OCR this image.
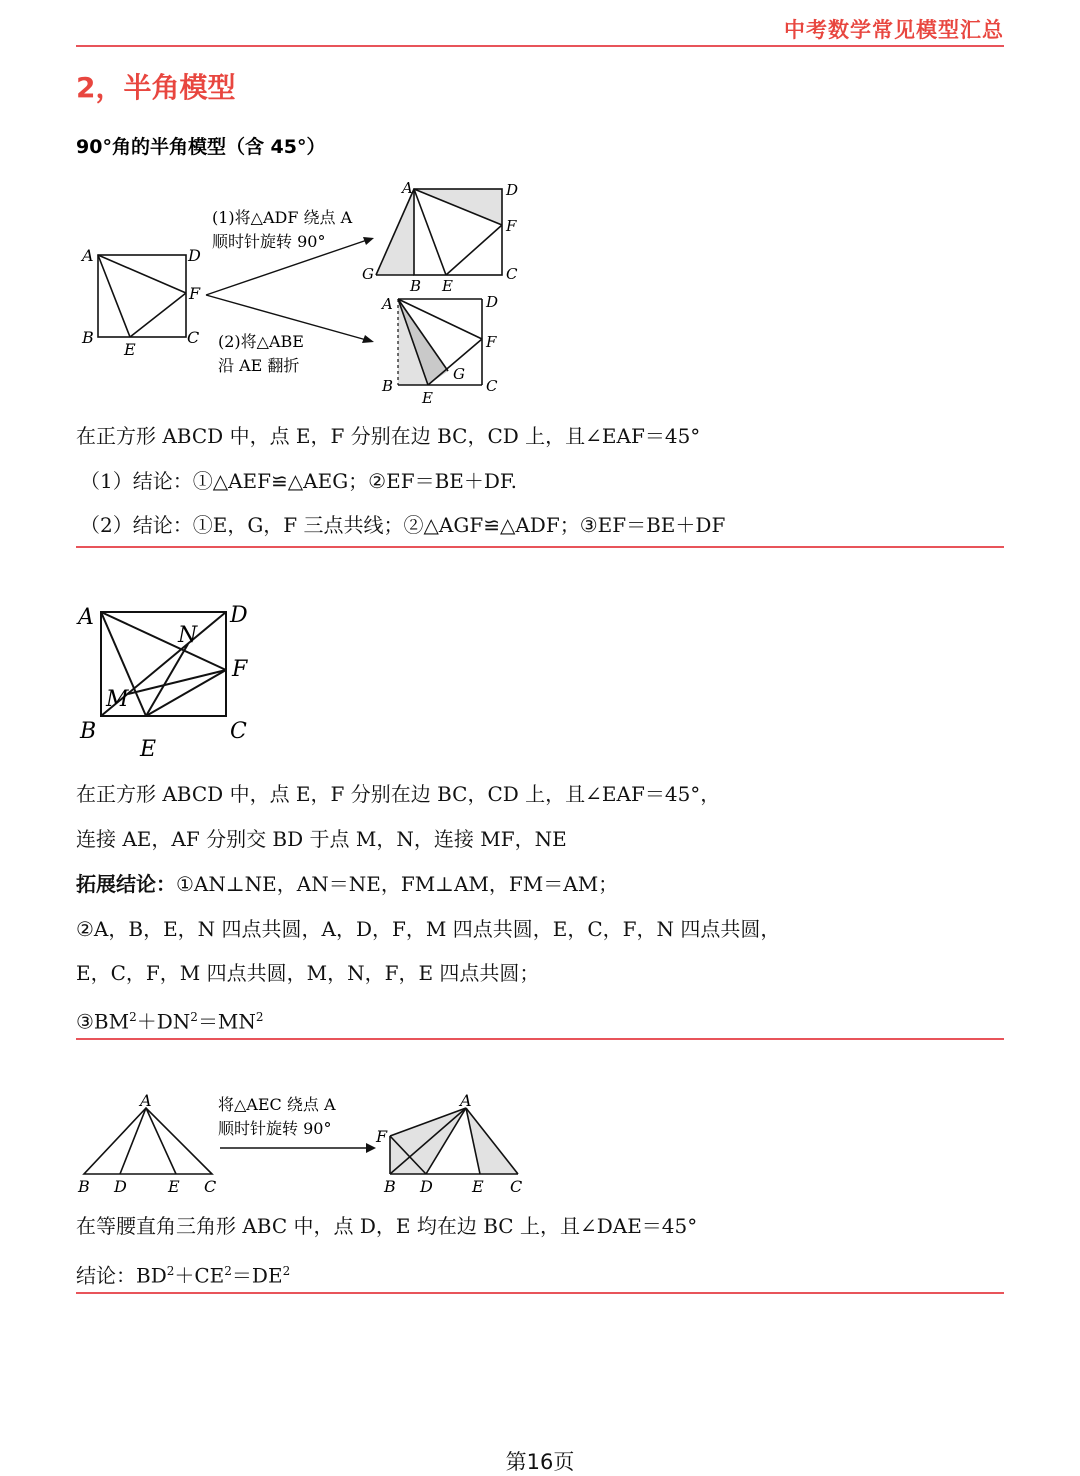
中考数学常见模型汇总
2，半角模型
90°角的半角模型（含 45°）
A	D
F
B
E
C
(1)将△ADF 绕点 A
顺时针旋转 90°
(2)将△ABE
沿 AE 翻折
A	D
F
G
B E
C
A	D
F
G
B
E
C
在正方形 ABCD 中，点 E，F 分别在边 BC，CD 上，且∠EAF＝45°
（1）结论：①△AEF≌△AEG；②EF＝BE＋DF.
（2）结论：①E，G，F 三点共线；②△AGF≌△ADF；③EF＝BE＋DF
A	D
N
F
M
B
E
C
在正方形 ABCD 中，点 E，F 分别在边 BC，CD 上，且∠EAF＝45°，
连接 AE，AF 分别交 BD 于点 M，N，连接 MF，NE
拓展结论：①AN⊥NE，AN＝NE，FM⊥AM，FM＝AM；
②A，B，E，N 四点共圆，A，D，F，M 四点共圆，E，C，F，N 四点共圆，
E，C，F，M 四点共圆，M，N，F，E 四点共圆；
$③BM^2+DN^2=MN^2$
A
B D	E C
将△AEC 绕点 A
顺时针旋转 90°
A
F
B D E C
在等腰直角三角形 ABC 中，点 D，E 均在边 BC 上，且∠DAE＝45°
结论：$BD^2+CE^2=DE^2$
第16页
